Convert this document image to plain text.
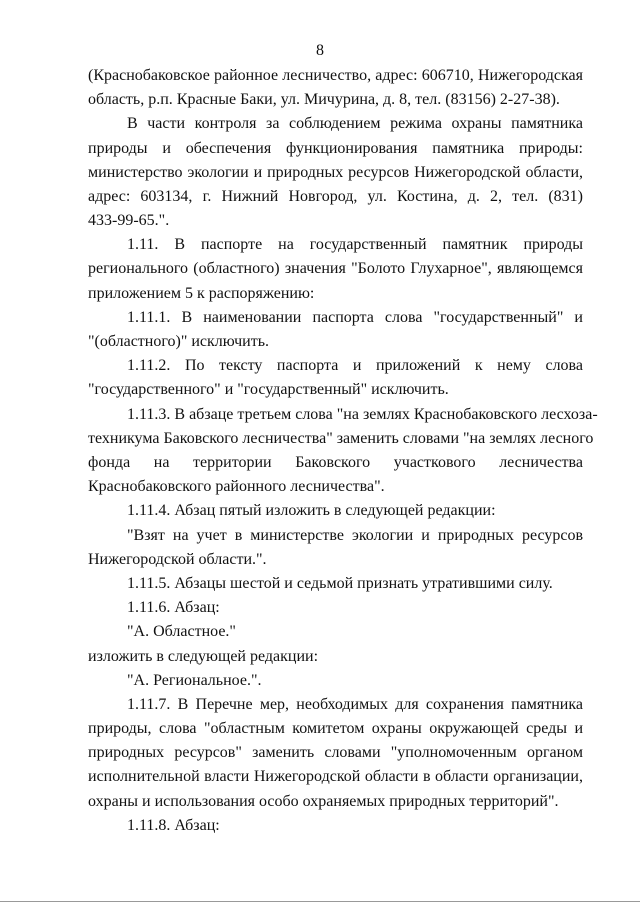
8
(Краснобаковское районное лесничество, адрес: 606710, Нижегородская
область, р.п. Красные Баки, ул. Мичурина, д. 8, тел. (83156) 2-27-38).
В части контроля за соблюдением режима охраны памятника
природы и обеспечения функционирования памятника природы:
министерство экологии и природных ресурсов Нижегородской области,
адрес: 603134, г. Нижний Новгород, ул. Костина, д. 2, тел. (831)
433-99-65.".
1.11. В паспорте на государственный памятник природы
регионального (областного) значения "Болото Глухарное", являющемся
приложением 5 к распоряжению:
1.11.1. В наименовании паспорта слова "государственный" и
"(областного)" исключить.
1.11.2. По тексту паспорта и приложений к нему слова
"государственного" и "государственный" исключить.
1.11.3. В абзаце третьем слова "на землях Краснобаковского лесхоза-
техникума Баковского лесничества" заменить словами "на землях лесного
фонда на территории Баковского участкового лесничества
Краснобаковского районного лесничества".
1.11.4. Абзац пятый изложить в следующей редакции:
"Взят на учет в министерстве экологии и природных ресурсов
Нижегородской области.".
1.11.5. Абзацы шестой и седьмой признать утратившими силу.
1.11.6. Абзац:
"А. Областное."
изложить в следующей редакции:
"А. Региональное.".
1.11.7. В Перечне мер, необходимых для сохранения памятника
природы, слова "областным комитетом охраны окружающей среды и
природных ресурсов" заменить словами "уполномоченным органом
исполнительной власти Нижегородской области в области организации,
охраны и использования особо охраняемых природных территорий".
1.11.8. Абзац:
